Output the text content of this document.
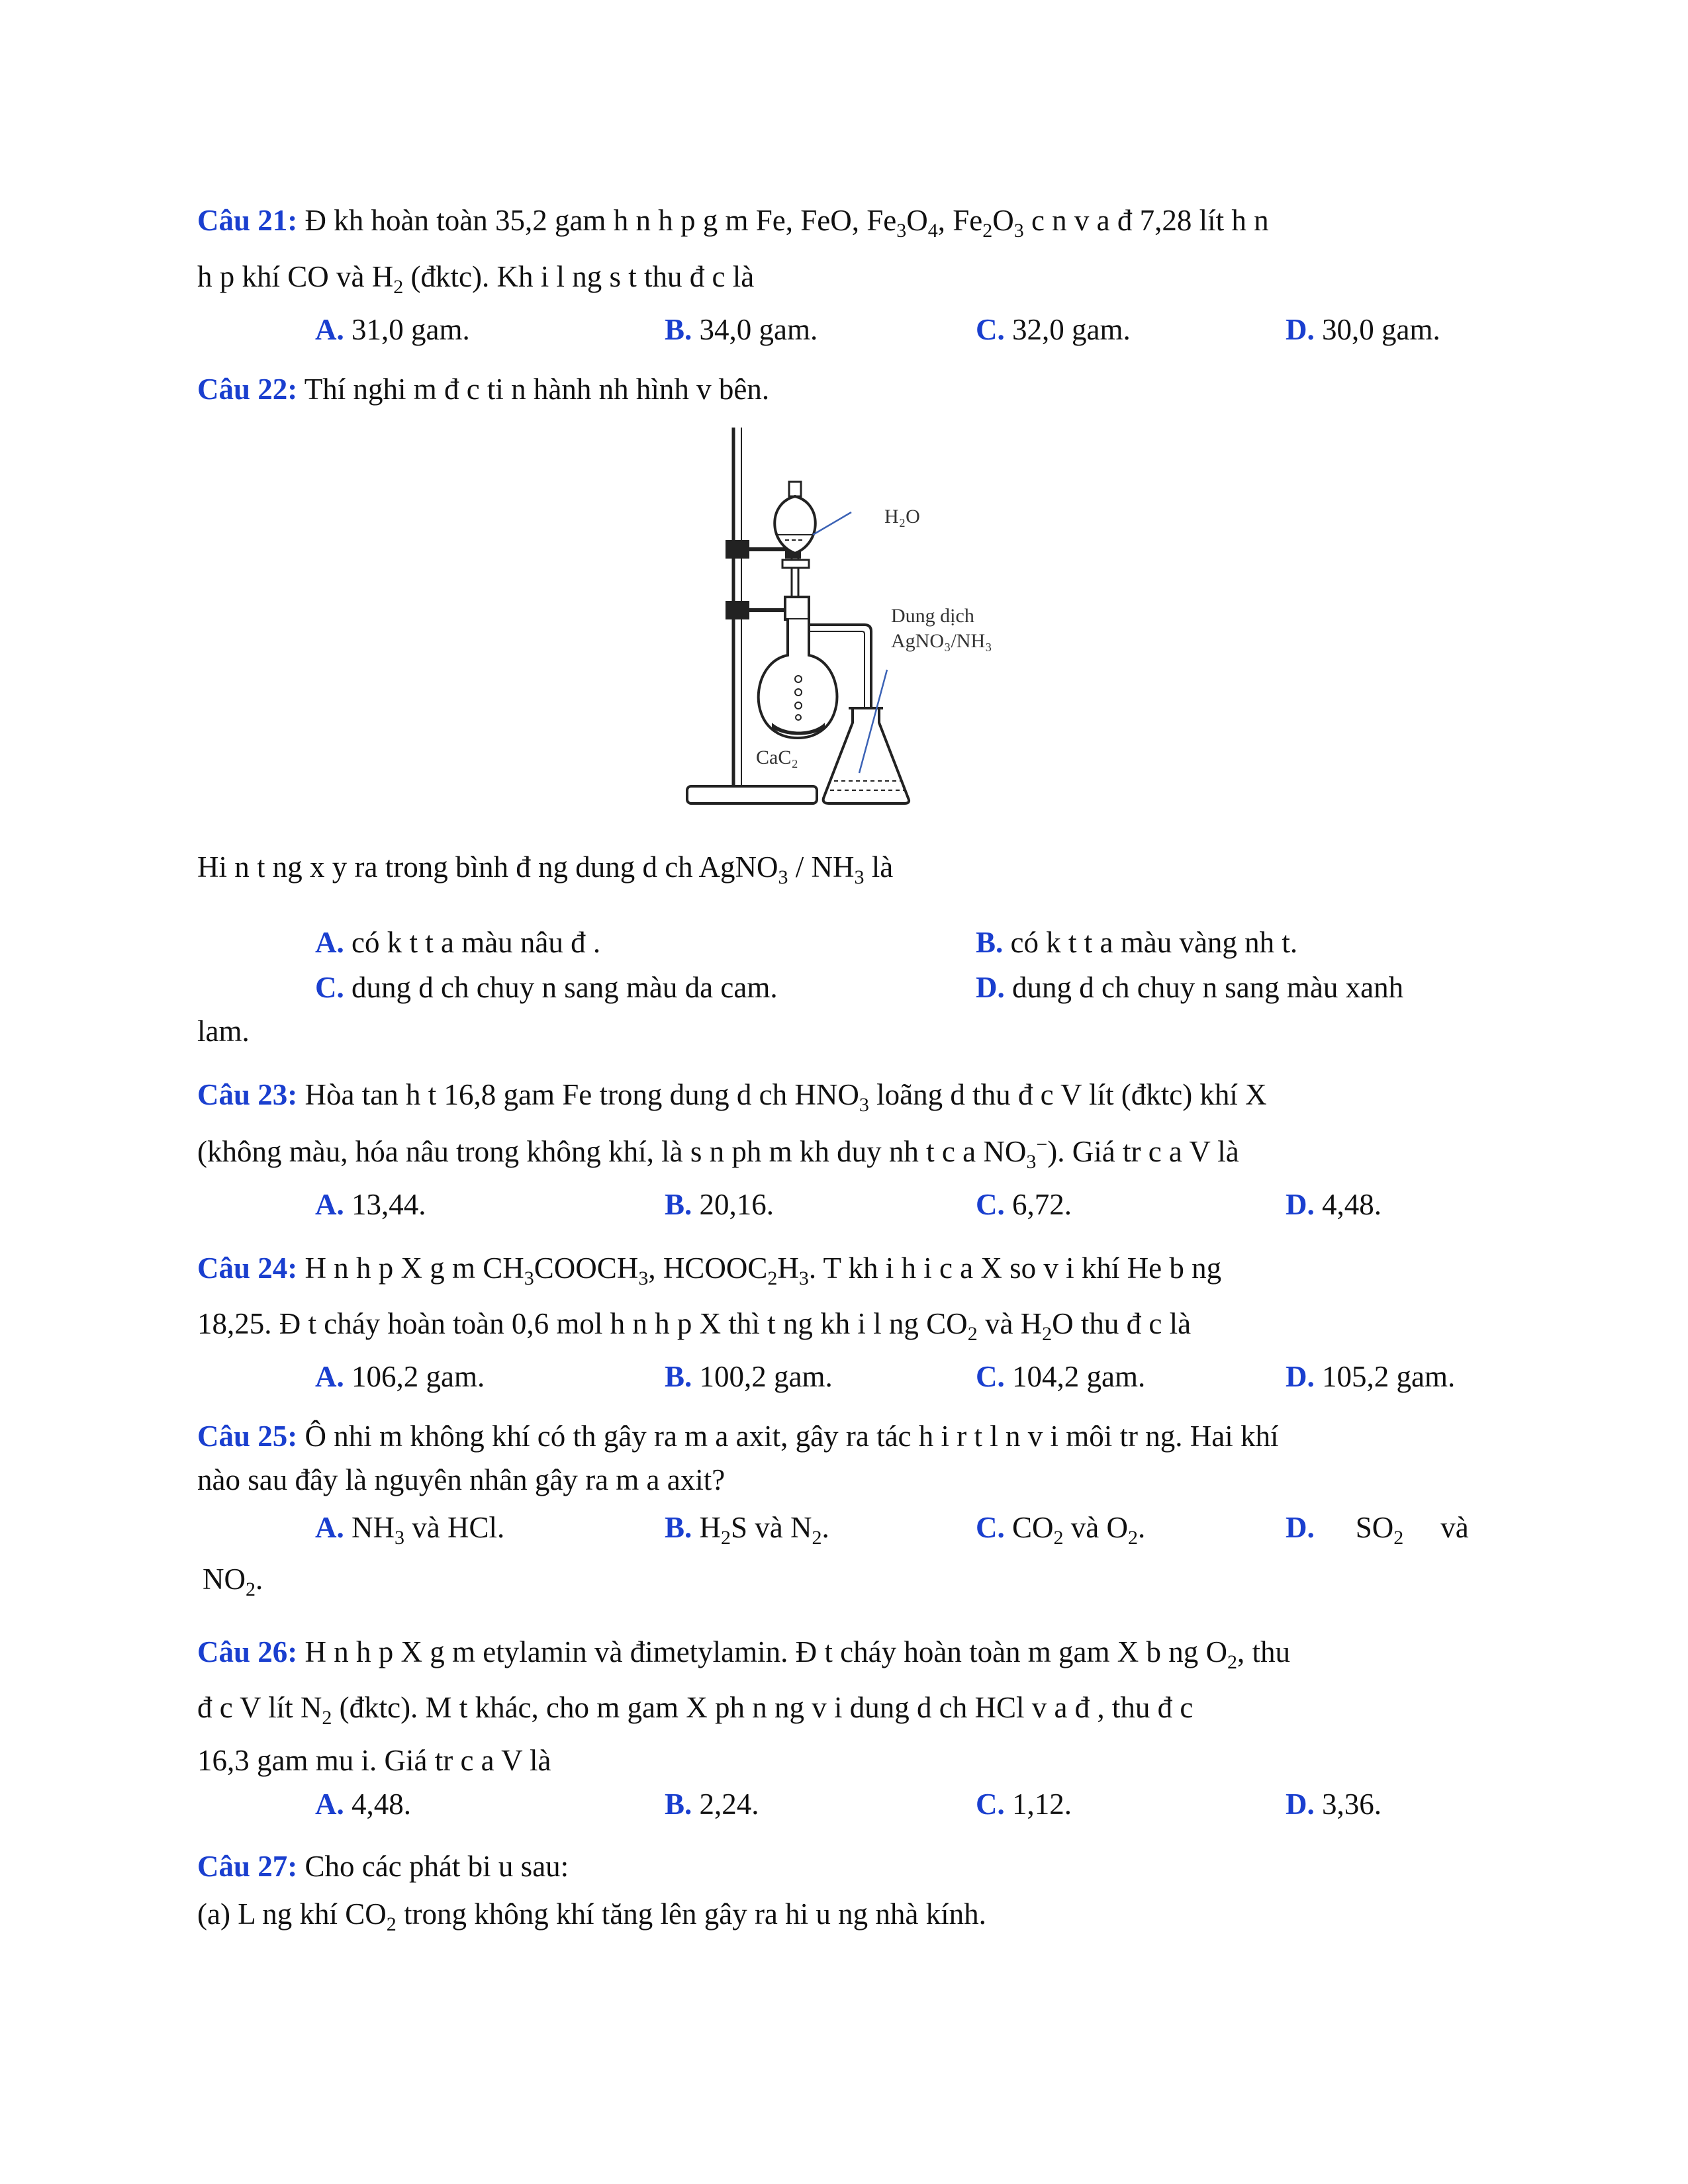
Câu 21: Đ kh hoàn toàn 35,2 gam h n h p g m Fe, FeO, $Fe_3O_4$, $Fe_2O_3$ c n v a đ 7,28 lít h n
h p khí CO và $H_2$ (đktc). Kh i l ng s t thu đ c là
A. 31,0 gam.	B. 34,0 gam.	C. 32,0 gam.	D. 30,0 gam.
Câu 22: Thí nghi m đ c ti n hành nh hình v bên.
H₂O
Dung dịch
AgNO₃/NH₃
CaC₂
Hi n t ng x y ra trong bình đ ng dung d ch AgNO$_3$ / $NH_3$ là
A. có k t t a màu nâu đ .	B. có k t t a màu vàng nh t.
C. dung d ch chuy n sang màu da cam.	D. dung d ch chuy n sang màu xanh
lam.
Câu 23: Hòa tan h t 16,8 gam Fe trong dung d ch $HNO_3$ loãng d thu đ c V lít (đktc) khí X
(không màu, hóa nâu trong không khí, là s n ph m kh duy nh t c a $NO_3^-$). Giá tr c a V là
A. 13,44.	B. 20,16.	C. 6,72.	D. 4,48.
Câu 24: H n h p X g m $CH_3COOCH_3$, $HCOOC_2H_3$. T kh i h i c a X so v i khí He b ng
18,25. Đ t cháy hoàn toàn 0,6 mol h n h p X thì t ng kh i l ng $CO_2$ và $H_2O$ thu đ c là
A. 106,2 gam.	B. 100,2 gam.	C. 104,2 gam.	D. 105,2 gam.
Câu 25: Ô nhi m không khí có th gây ra m a axit, gây ra tác h i r t l n v i môi tr ng. Hai khí
nào sau đây là nguyên nhân gây ra m a axit?
A. $NH_3$ và HCl.	B. $H_2S$ và $N_2$.	C. $CO_2$ và $O_2$.	D. $SO_2$ và
$NO_2$.
Câu 26: H n h p X g m etylamin và đimetylamin. Đ t cháy hoàn toàn m gam X b ng $O_2$, thu
đ c V lít $N_2$ (đktc). M t khác, cho m gam X ph n ng v i dung d ch HCl v a đ , thu đ c
16,3 gam mu i. Giá tr c a V là
A. 4,48.	B. 2,24.	C. 1,12.	D. 3,36.
Câu 27: Cho các phát bi u sau:
(a) L ng khí $CO_2$ trong không khí tăng lên gây ra hi u ng nhà kính.
